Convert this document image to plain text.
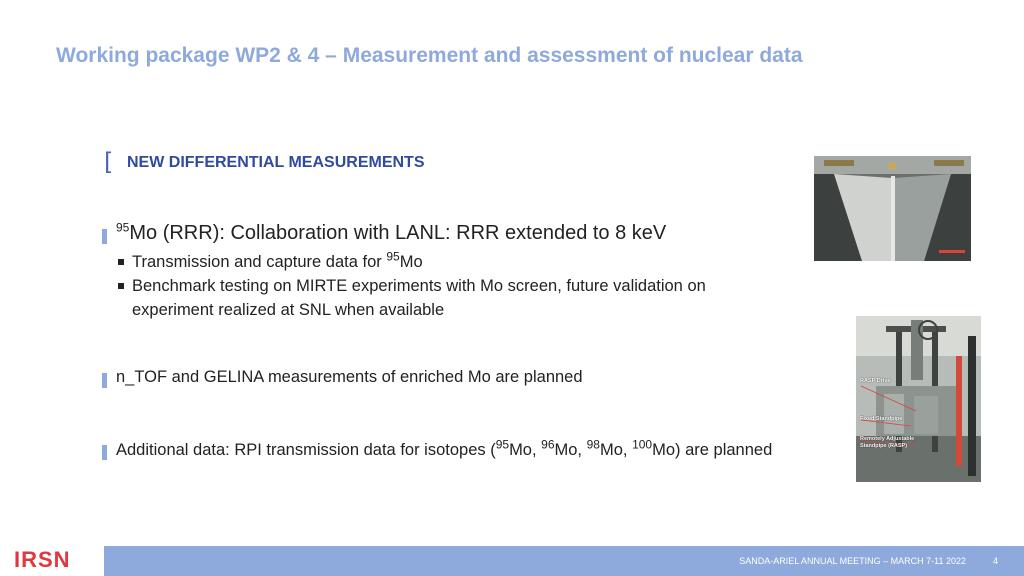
Working package WP2 & 4 – Measurement and assessment of nuclear data
[ NEW DIFFERENTIAL MEASUREMENTS
$^{95}$Mo (RRR): Collaboration with LANL: RRR extended to 8 keV
Transmission and capture data for $^{95}$Mo
Benchmark testing on MIRTE experiments with Mo screen, future validation on experiment realized at SNL when available
n_TOF and GELINA measurements of enriched Mo are planned
Additional data: RPI transmission data for isotopes ($^{95}$Mo, $^{96}$Mo, $^{98}$Mo, $^{100}$Mo) are planned
RASP Drive
Fixed Standpipe
Remotely Adjustable Standpipe (RASP)
IRSN	SANDA-ARIEL ANNUAL MEETING – MARCH 7-11 2022	4
